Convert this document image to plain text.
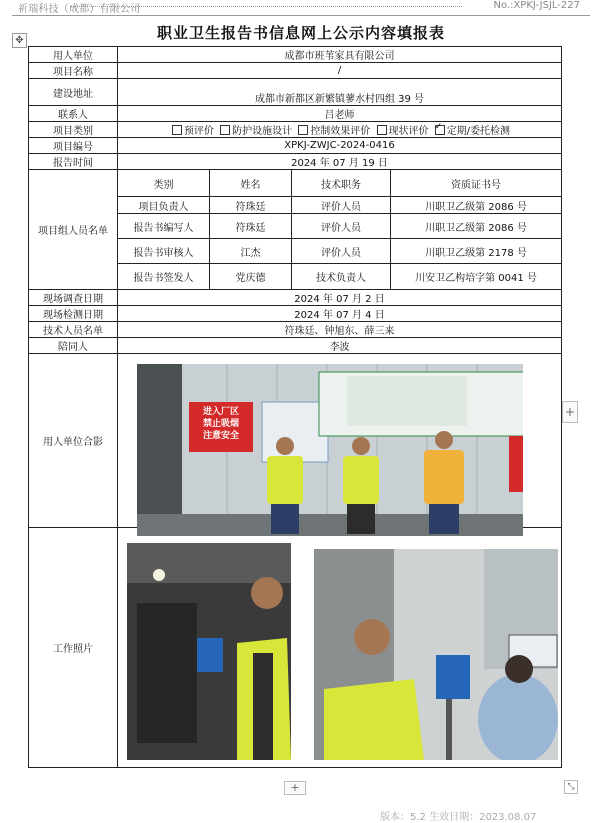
祈瑞科技（成都）有限公司	No.:XPKJ-JSJL-227
✥	职业卫生报告书信息网上公示内容填报表
用人单位	成都市班苇家具有限公司			
项目名称	/			
建设地址	成都市新都区新繁镇蓼水村四组 39 号			
联系人	吕老师			
项目类别	预评价 防护设施设计 控制效果评价 现状评价 ✓ 定期/委托检测
项目编号	XPKJ-ZWJC-2024-0416			
报告时间	2024 年 07 月 19 日			
项目组人员名单	类别	姓名	技术职务	资质证书号
	项目负责人	符珠廷	评价人员	川职卫乙级第 2086 号
	报告书编写人	符珠廷	评价人员	川职卫乙级第 2086 号
	报告书审核人	江杰	评价人员	川职卫乙级第 2178 号
	报告书签发人	党庆德	技术负责人	川安卫乙构培字第 0041 号
现场调查日期	2024 年 07 月 2 日			
现场检测日期	2024 年 07 月 4 日			
技术人员名单	符珠廷、钟旭东、薛三来			
陪同人	李波			
用人单位合影				
工作照片				
进入厂区
禁止吸烟
注意安全
+
+	⤡
版本：5.2 生效日期：2023.08.07
